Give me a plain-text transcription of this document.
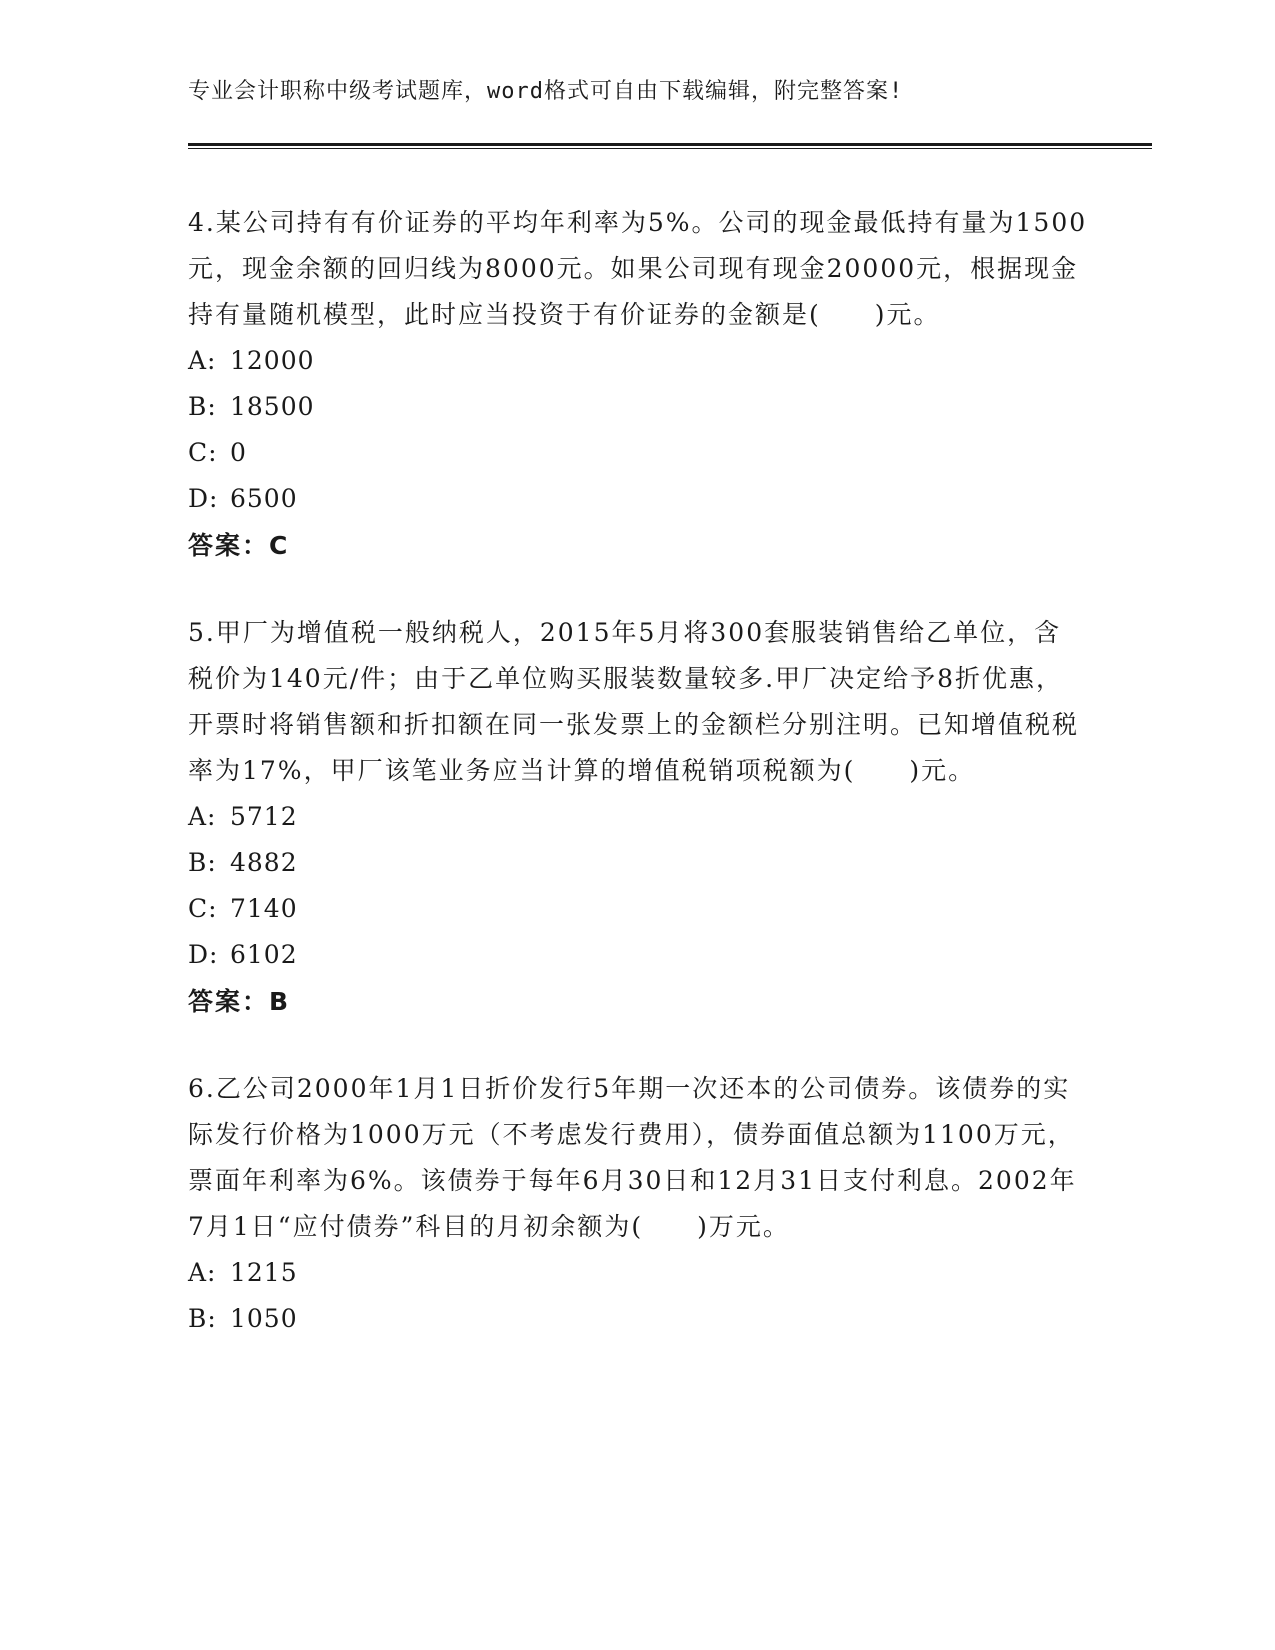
专业会计职称中级考试题库，word格式可自由下载编辑，附完整答案!

4.某公司持有有价证券的平均年利率为5%。公司的现金最低持有量为1500元，现金余额的回归线为8000元。如果公司现有现金20000元，根据现金持有量随机模型，此时应当投资于有价证券的金额是(　　)元。

A: 12000
B: 18500
C: 0
D: 6500
答案：C

5.甲厂为增值税一般纳税人，2015年5月将300套服装销售给乙单位，含税价为140元/件；由于乙单位购买服装数量较多.甲厂决定给予8折优惠，开票时将销售额和折扣额在同一张发票上的金额栏分别注明。已知增值税税率为17%，甲厂该笔业务应当计算的增值税销项税额为(　　)元。

A: 5712
B: 4882
C: 7140
D: 6102
答案：B

6.乙公司2000年1月1日折价发行5年期一次还本的公司债券。该债券的实际发行价格为1000万元（不考虑发行费用），债券面值总额为1100万元，票面年利率为6%。该债券于每年6月30日和12月31日支付利息。2002年7月1日“应付债券”科目的月初余额为(　　)万元。

A: 1215
B: 1050
